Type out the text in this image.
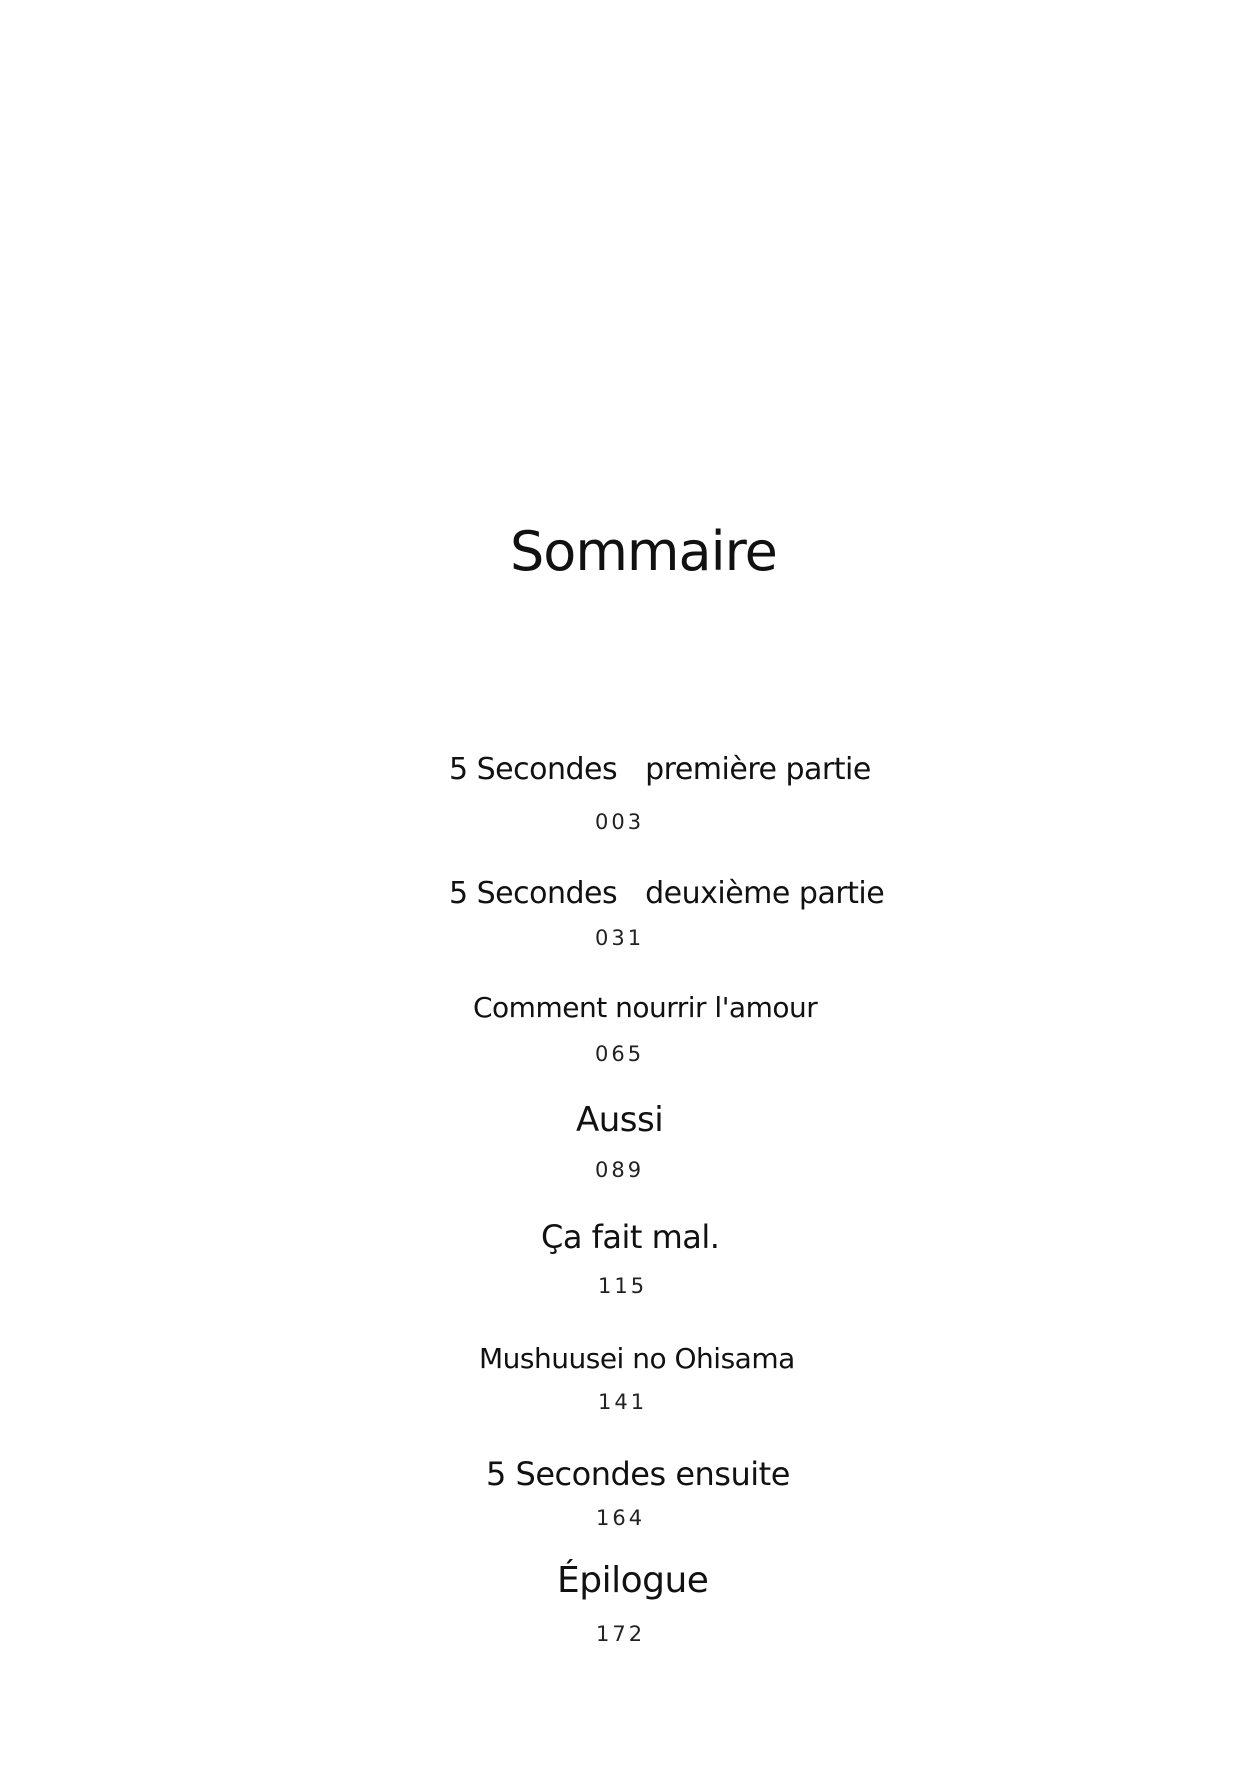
Sommaire
5 Secondes première partie
003
5 Secondes deuxième partie
031
Comment nourrir l'amour
065
Aussi
089
Ça fait mal.
115
Mushuusei no Ohisama
141
5 Secondes ensuite
164
Épilogue
172
